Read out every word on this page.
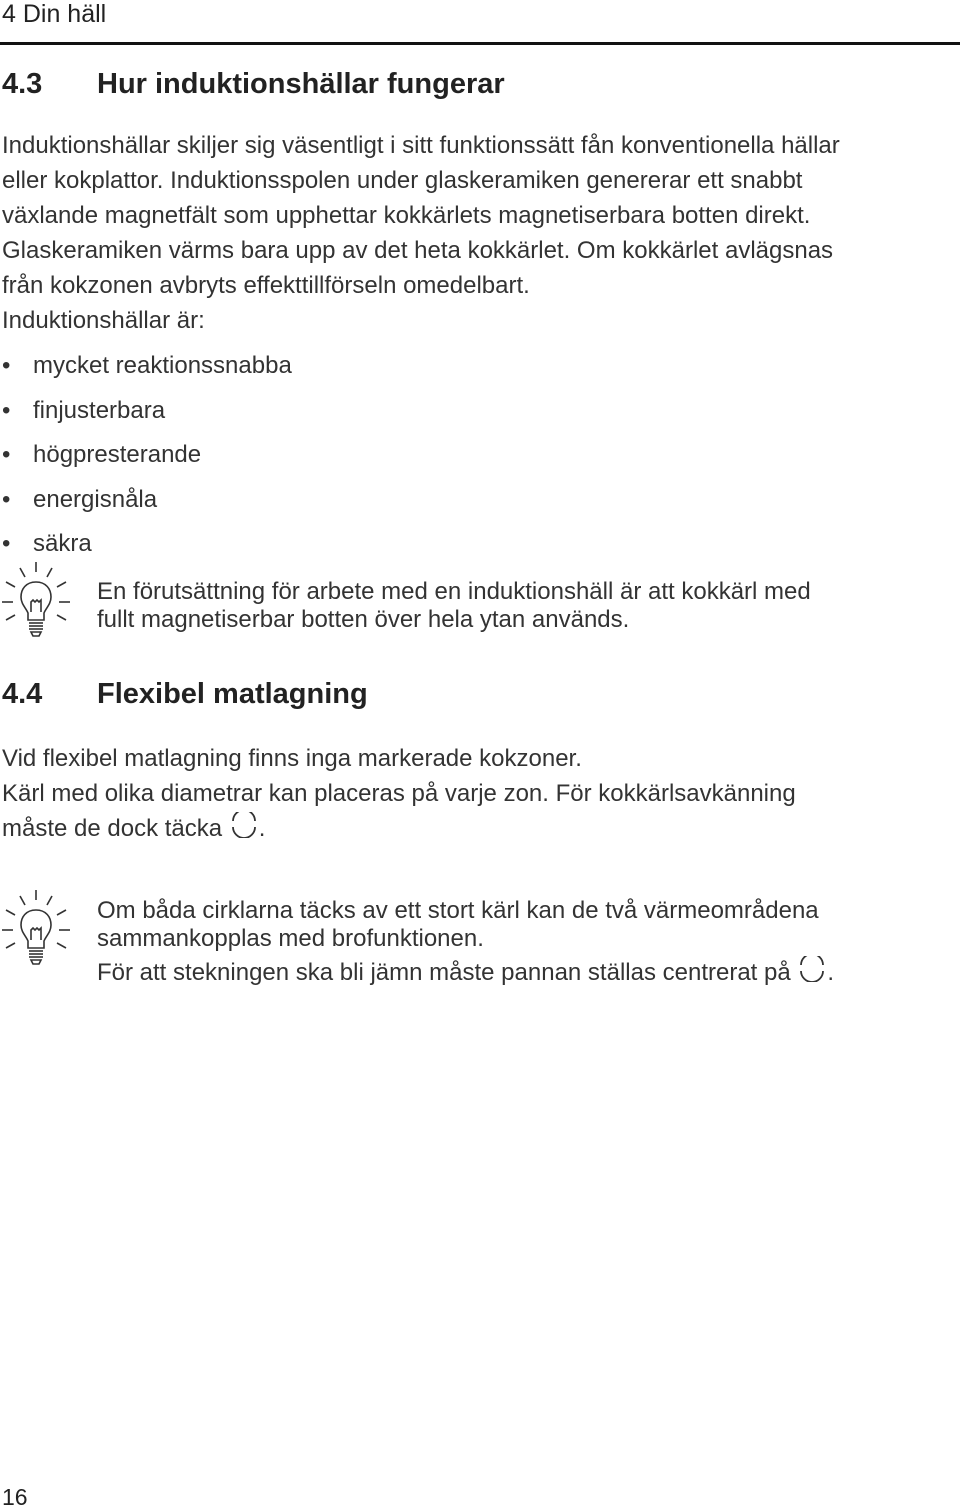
4 Din häll
4.3 Hur induktionshällar fungerar

Induktionshällar skiljer sig väsentligt i sitt funktionssätt fån konventionella hällar

eller kokplattor. Induktionsspolen under glaskeramiken genererar ett snabbt

växlande magnetfält som upphettar kokkärlets magnetiserbara botten direkt.

Glaskeramiken värms bara upp av det heta kokkärlet. Om kokkärlet avlägsnas

från kokzonen avbryts effekttillförseln omedelbart.

Induktionshällar är:

• mycket reaktionssnabba
• finjusterbara
• högpresterande
• energisnåla
• säkra

En förutsättning för arbete med en induktionshäll är att kokkärl med

fullt magnetiserbar botten över hela ytan används.

4.4 Flexibel matlagning

Vid flexibel matlagning finns inga markerade kokzoner.

Kärl med olika diametrar kan placeras på varje zon. För kokkärlsavkänning

måste de dock täcka .

Om båda cirklarna täcks av ett stort kärl kan de två värmeområdena

sammankopplas med brofunktionen.

För att stekningen ska bli jämn måste pannan ställas centrerat på .

16
